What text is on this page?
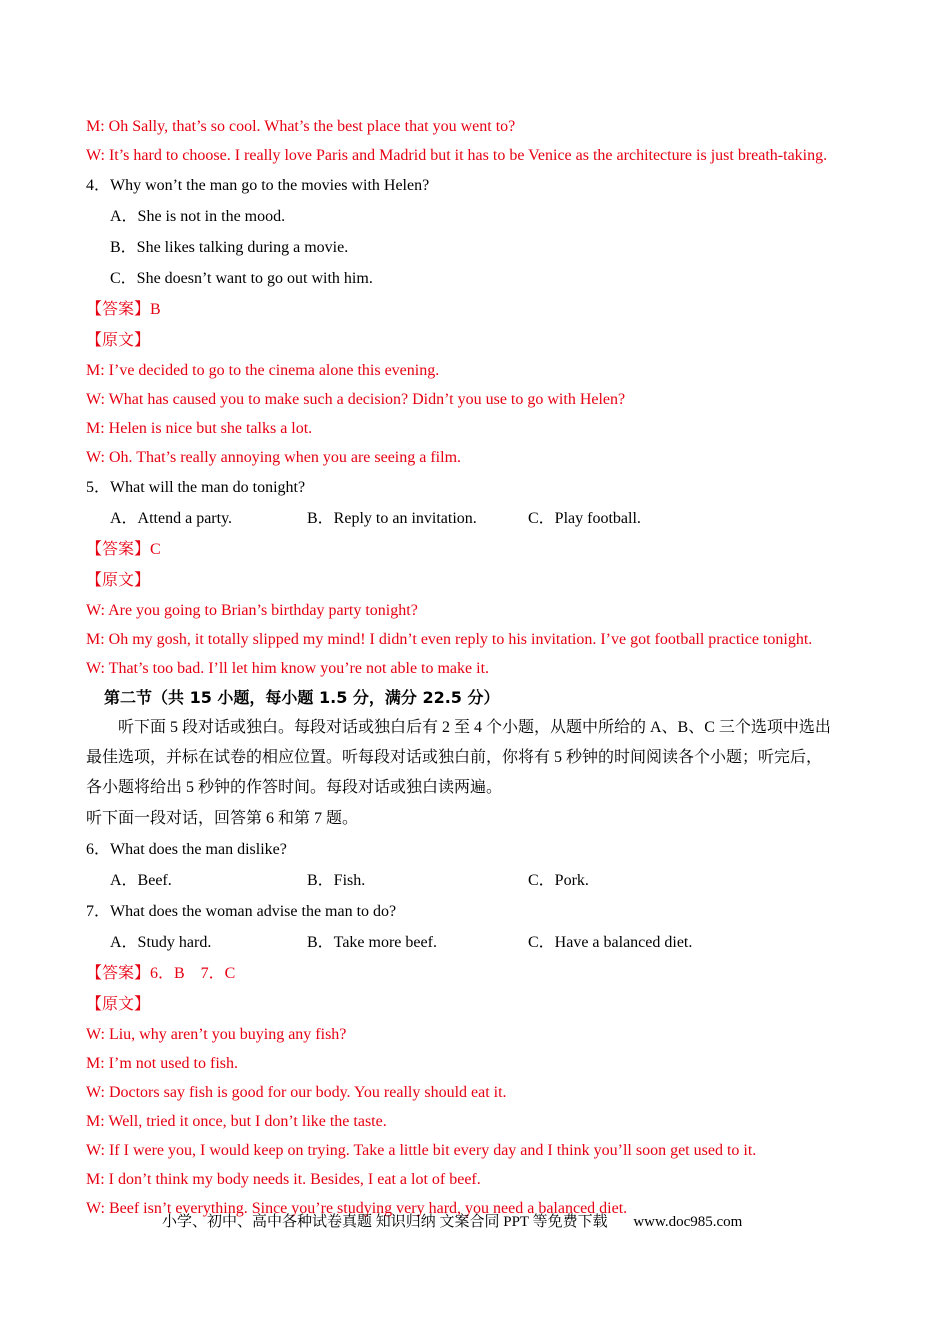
M: Oh Sally, that’s so cool. What’s the best place that you went to?
W: It’s hard to choose. I really love Paris and Madrid but it has to be Venice as the architecture is just breath-taking.
4．Why won’t the man go to the movies with Helen?
A．She is not in the mood.
B．She likes talking during a movie.
C．She doesn’t want to go out with him.
【答案】B
【原文】
M: I’ve decided to go to the cinema alone this evening.
W: What has caused you to make such a decision? Didn’t you use to go with Helen?
M: Helen is nice but she talks a lot.
W: Oh. That’s really annoying when you are seeing a film.
5．What will the man do tonight?
A．Attend a party.	B．Reply to an invitation.	C．Play football.
【答案】C
【原文】
W: Are you going to Brian’s birthday party tonight?
M: Oh my gosh, it totally slipped my mind! I didn’t even reply to his invitation. I’ve got football practice tonight.
W: That’s too bad. I’ll let him know you’re not able to make it.
第二节（共 15 小题，每小题 1.5 分，满分 22.5 分）
听下面 5 段对话或独白。每段对话或独白后有 2 至 4 个小题，从题中所给的 A、B、C 三个选项中选出
最佳选项，并标在试卷的相应位置。听每段对话或独白前，你将有 5 秒钟的时间阅读各个小题；听完后，
各小题将给出 5 秒钟的作答时间。每段对话或独白读两遍。
听下面一段对话，回答第 6 和第 7 题。
6．What does the man dislike?
A．Beef.	B．Fish.	C．Pork.
7．What does the woman advise the man to do?
A．Study hard.	B．Take more beef.	C．Have a balanced diet.
【答案】6．B    7．C
【原文】
W: Liu, why aren’t you buying any fish?
M: I’m not used to fish.
W: Doctors say fish is good for our body. You really should eat it.
M: Well, tried it once, but I don’t like the taste.
W: If I were you, I would keep on trying. Take a little bit every day and I think you’ll soon get used to it.
M: I don’t think my body needs it. Besides, I eat a lot of beef.
W: Beef isn’t everything. Since you’re studying very hard, you need a balanced diet.
小学、初中、高中各种试卷真题 知识归纳 文案合同 PPT 等免费下载 www.doc985.com
